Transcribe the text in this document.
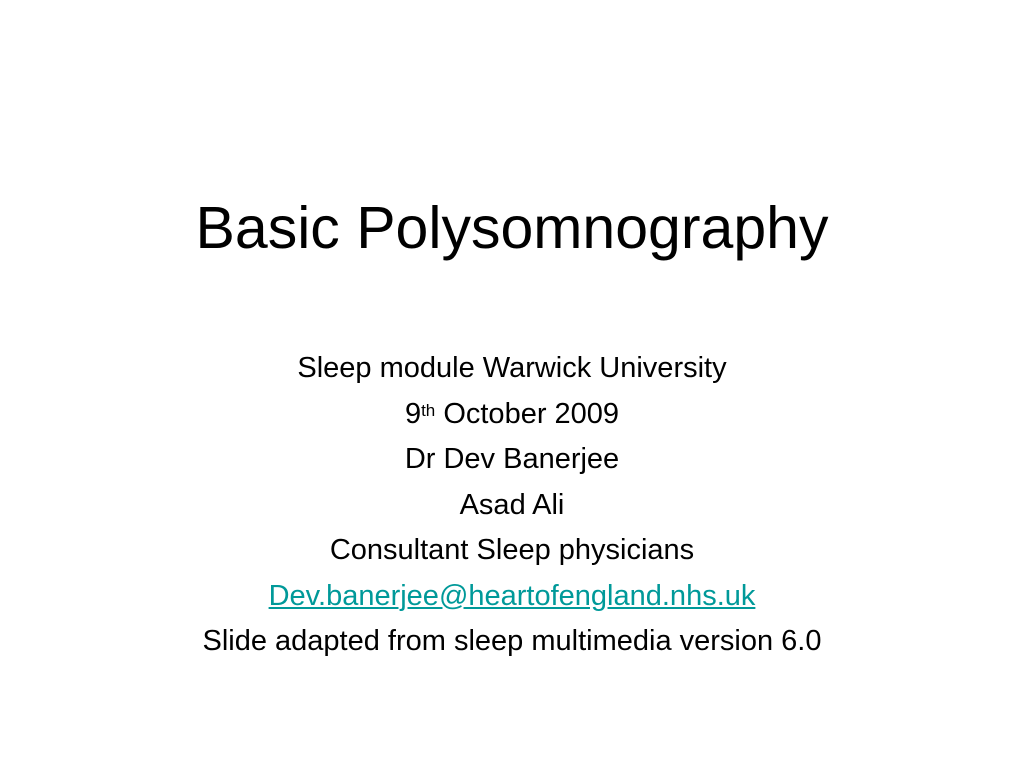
Basic Polysomnography
Sleep module Warwick University
9th October 2009
Dr Dev Banerjee
Asad Ali
Consultant Sleep physicians
Dev.banerjee@heartofengland.nhs.uk
Slide adapted from sleep multimedia version 6.0
